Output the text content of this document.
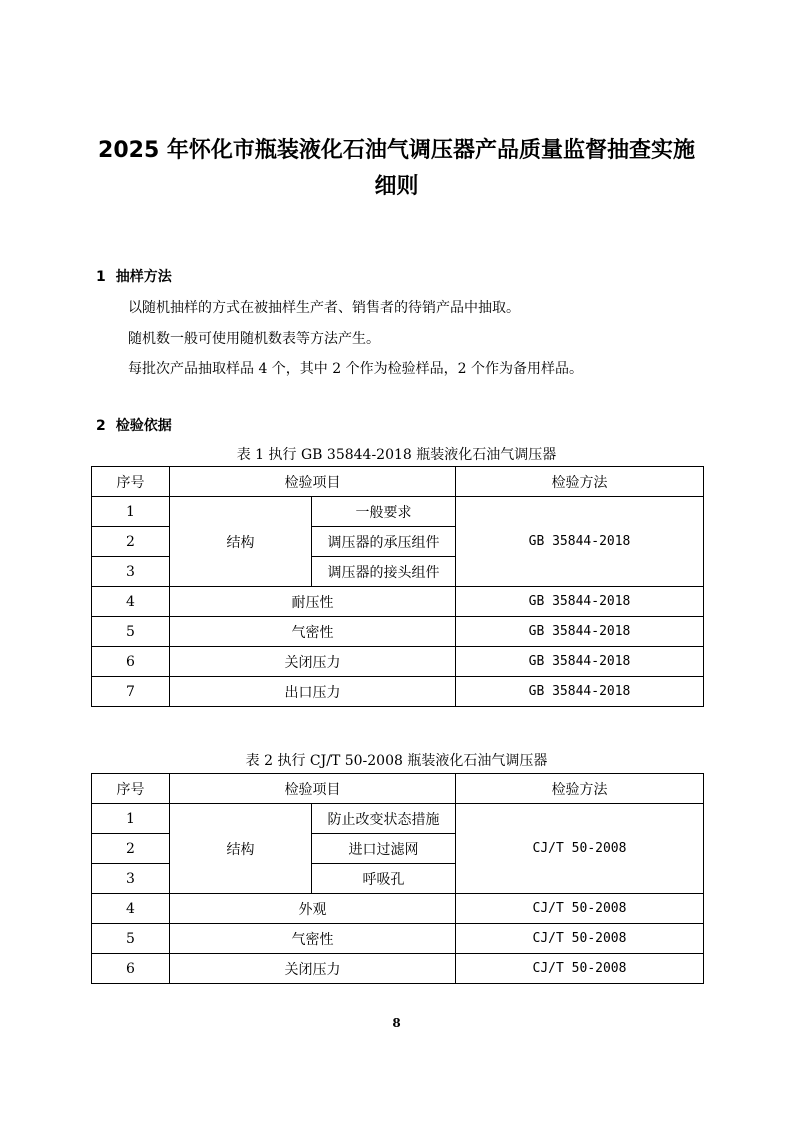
2025 年怀化市瓶装液化石油气调压器产品质量监督抽查实施细则
1 抽样方法
以随机抽样的方式在被抽样生产者、销售者的待销产品中抽取。
随机数一般可使用随机数表等方法产生。
每批次产品抽取样品 4 个，其中 2 个作为检验样品，2 个作为备用样品。
2 检验依据
表 1 执行 GB 35844-2018 瓶装液化石油气调压器
序号	检验项目		检验方法
1	结构	一般要求	GB 35844-2018
2		调压器的承压组件	
3		调压器的接头组件	
4	耐压性		GB 35844-2018
5	气密性		GB 35844-2018
6	关闭压力		GB 35844-2018
7	出口压力		GB 35844-2018
表 2 执行 CJ/T 50-2008 瓶装液化石油气调压器
序号	检验项目		检验方法
1	结构	防止改变状态措施	CJ/T 50-2008
2		进口过滤网	
3		呼吸孔	
4	外观		CJ/T 50-2008
5	气密性		CJ/T 50-2008
6	关闭压力		CJ/T 50-2008
8
